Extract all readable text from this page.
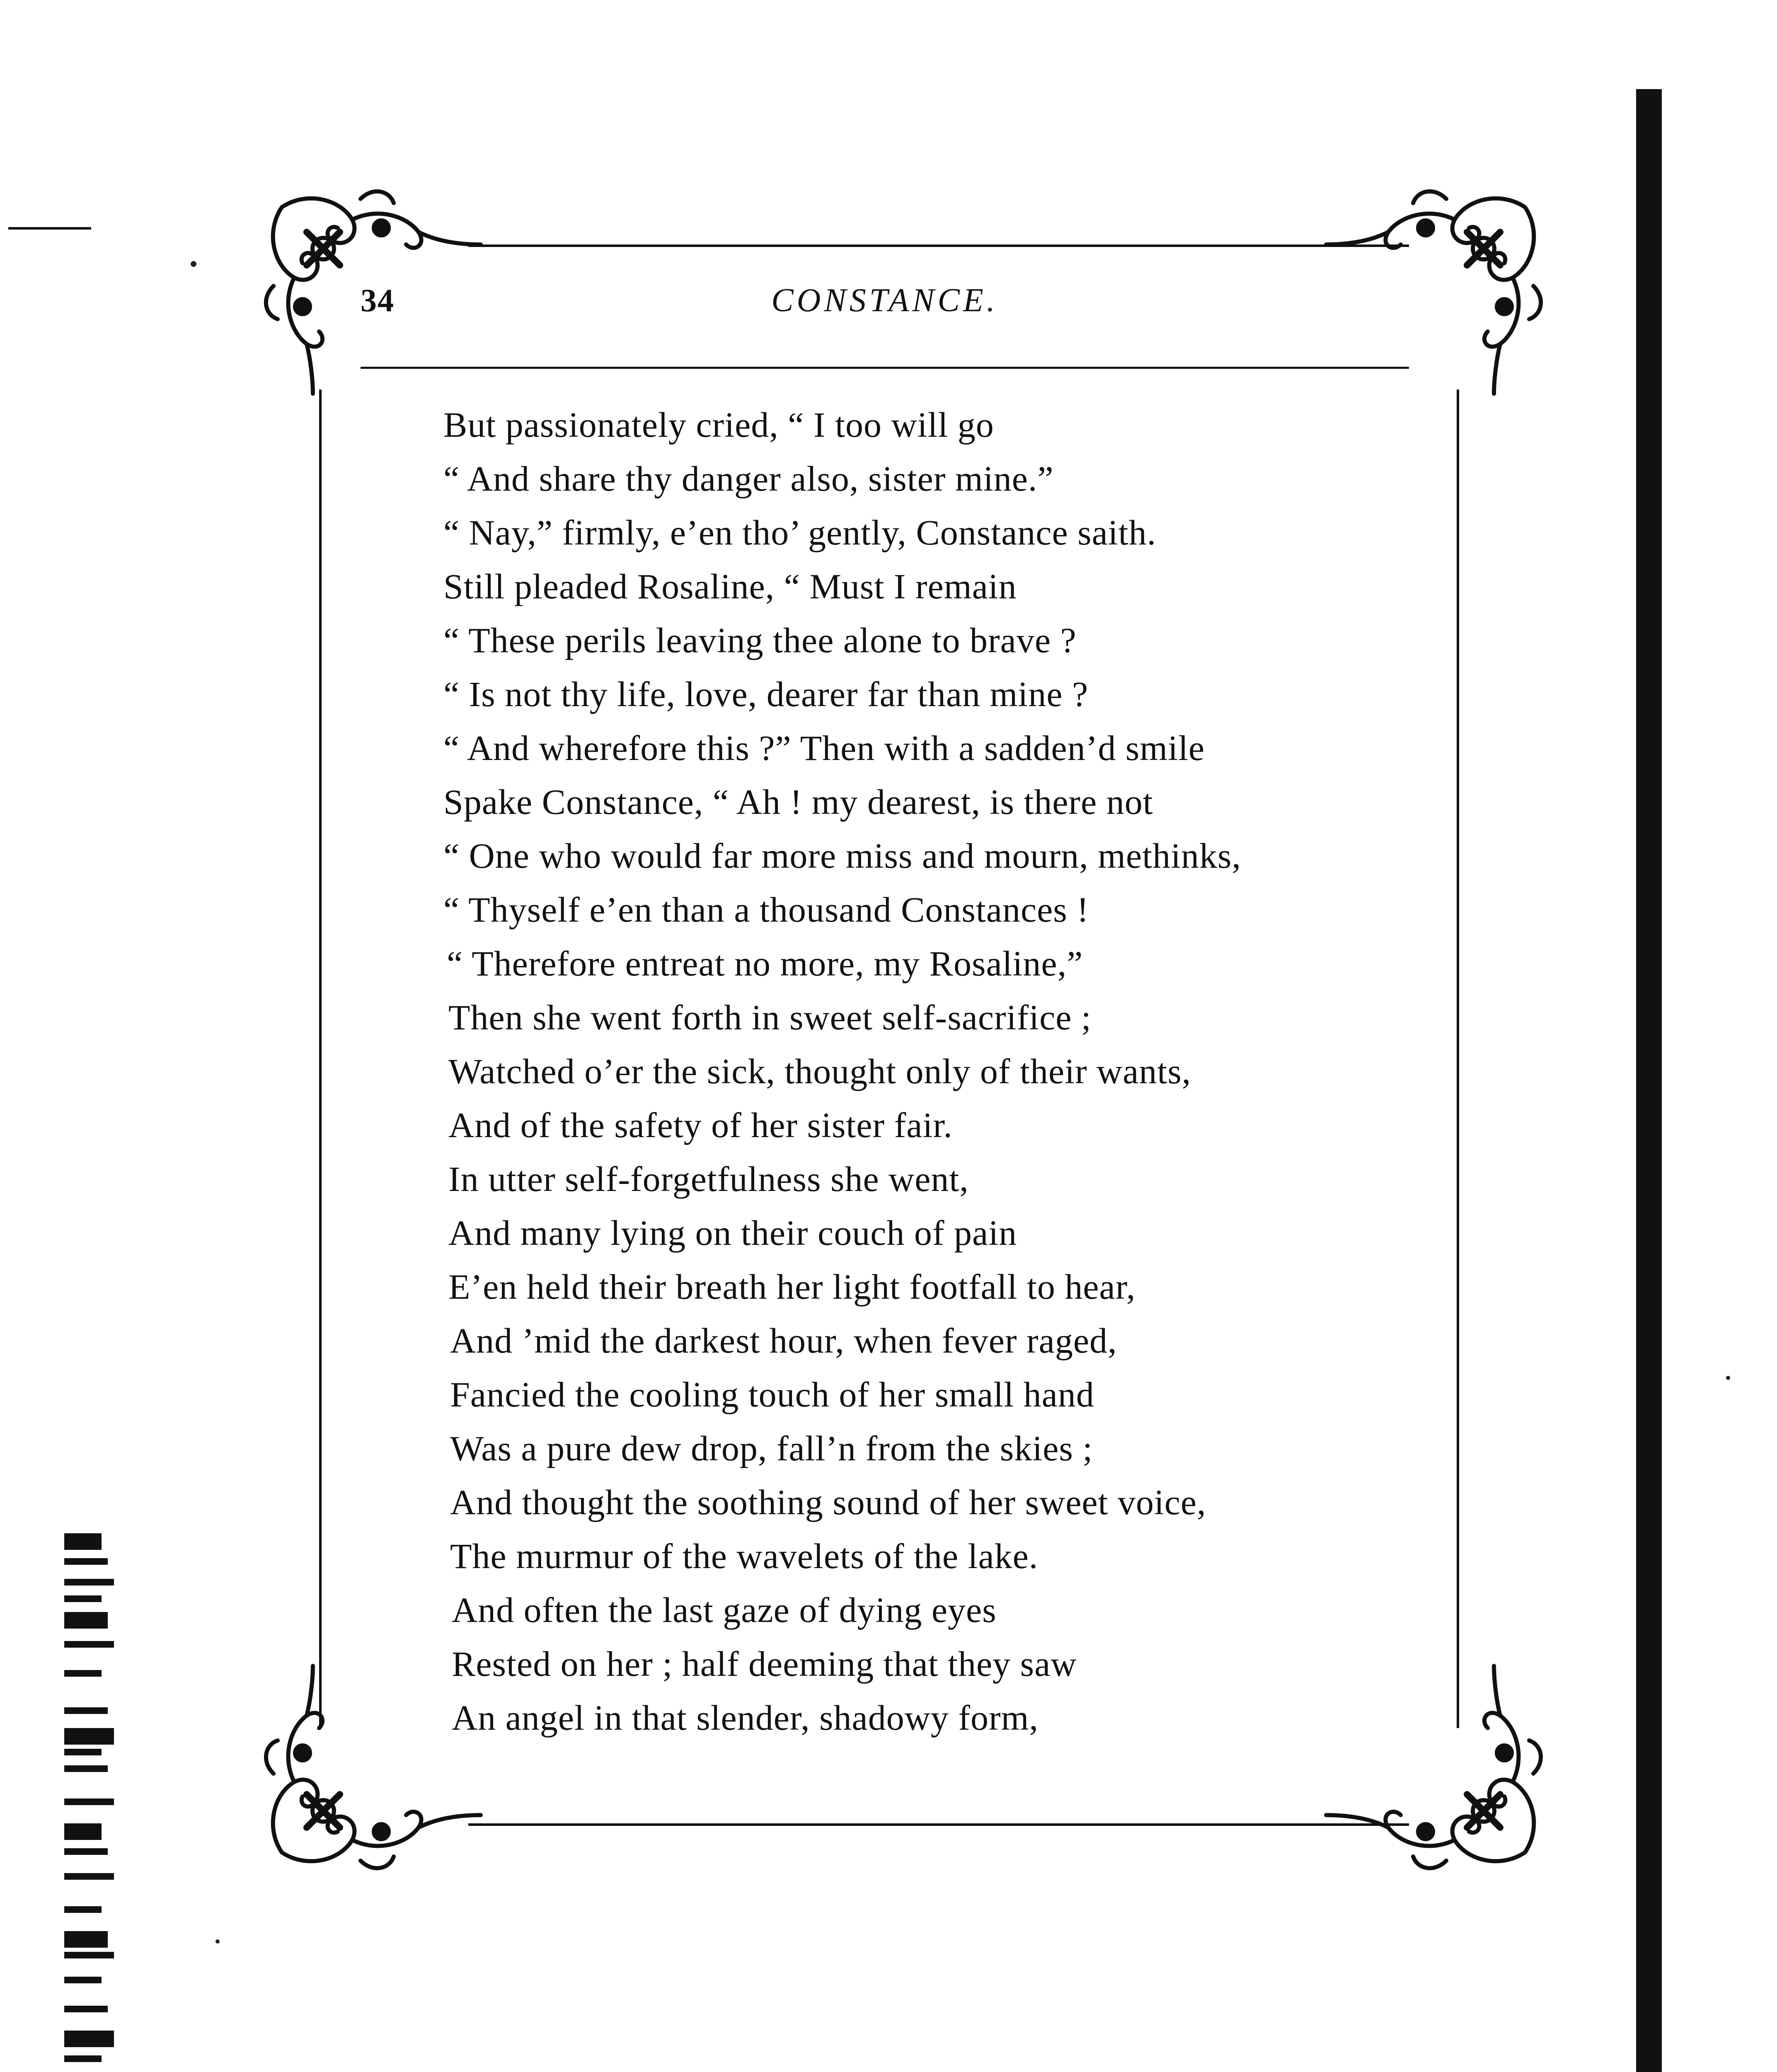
34	CONSTANCE.
But passionately cried, “ I too will go
“ And share thy danger also, sister mine.”
“ Nay,” firmly, e’en tho’ gently, Constance saith.
Still pleaded Rosaline, “ Must I remain
“ These perils leaving thee alone to brave ?
“ Is not thy life, love, dearer far than mine ?
“ And wherefore this ?” Then with a sadden’d smile
Spake Constance, “ Ah ! my dearest, is there not
“ One who would far more miss and mourn, methinks,
“ Thyself e’en than a thousand Constances !
“ Therefore entreat no more, my Rosaline,”
Then she went forth in sweet self-sacrifice ;
Watched o’er the sick, thought only of their wants,
And of the safety of her sister fair.
In utter self-forgetfulness she went,
And many lying on their couch of pain
E’en held their breath her light footfall to hear,
And ’mid the darkest hour, when fever raged,
Fancied the cooling touch of her small hand
Was a pure dew drop, fall’n from the skies ;
And thought the soothing sound of her sweet voice,
The murmur of the wavelets of the lake.
And often the last gaze of dying eyes
Rested on her ; half deeming that they saw
An angel in that slender, shadowy form,
